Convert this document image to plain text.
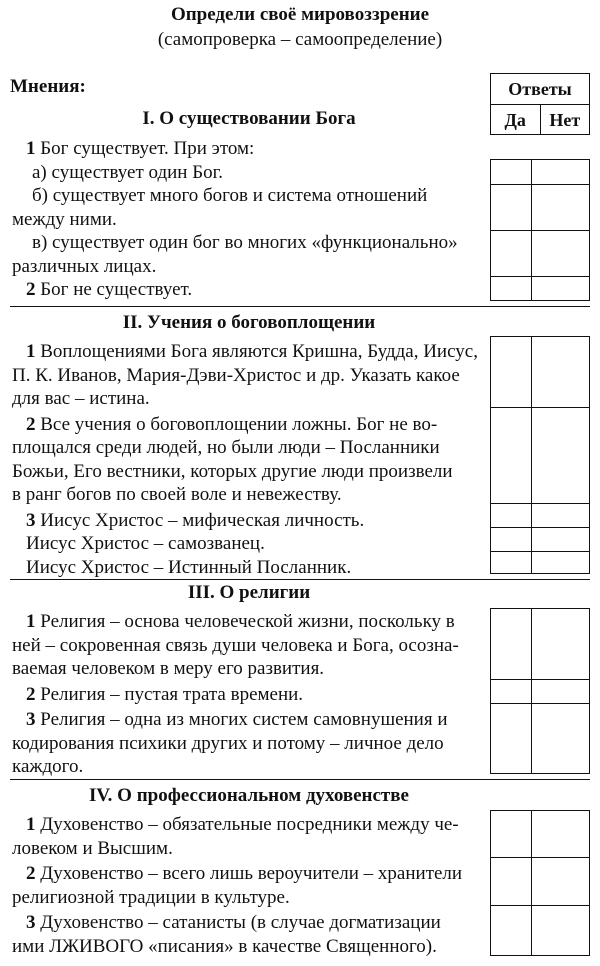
Определи своё мировоззрение
(самопроверка – самоопределение)
Мнения:	Ответы
Да	Нет
I. О существовании Бога
1 Бог существует. При этом:
а) существует один Бог.
б) существует много богов и система отношений
между ними.
в) существует один бог во многих «функционально»
различных лицах.
2 Бог не существует.
II. Учения о боговоплощении
1 Воплощениями Бога являются Кришна, Будда, Иисус,
П. К. Иванов, Мария-Дэви-Христос и др. Указать какое
для вас – истина.
2 Все учения о боговоплощении ложны. Бог не во-
площался среди людей, но были люди – Посланники
Божьи, Его вестники, которых другие люди произвели
в ранг богов по своей воле и невежеству.
3 Иисус Христос – мифическая личность.
Иисус Христос – самозванец.
Иисус Христос – Истинный Посланник.
III. О религии
1 Религия – основа человеческой жизни, поскольку в
ней – сокровенная связь души человека и Бога, осозна-
ваемая человеком в меру его развития.
2 Религия – пустая трата времени.
3 Религия – одна из многих систем самовнушения и
кодирования психики других и потому – личное дело
каждого.
IV. О профессиональном духовенстве
1 Духовенство – обязательные посредники между че-
ловеком и Высшим.
2 Духовенство – всего лишь вероучители – хранители
религиозной традиции в культуре.
3 Духовенство – сатанисты (в случае догматизации
ими ЛЖИВОГО «писания» в качестве Священного).
